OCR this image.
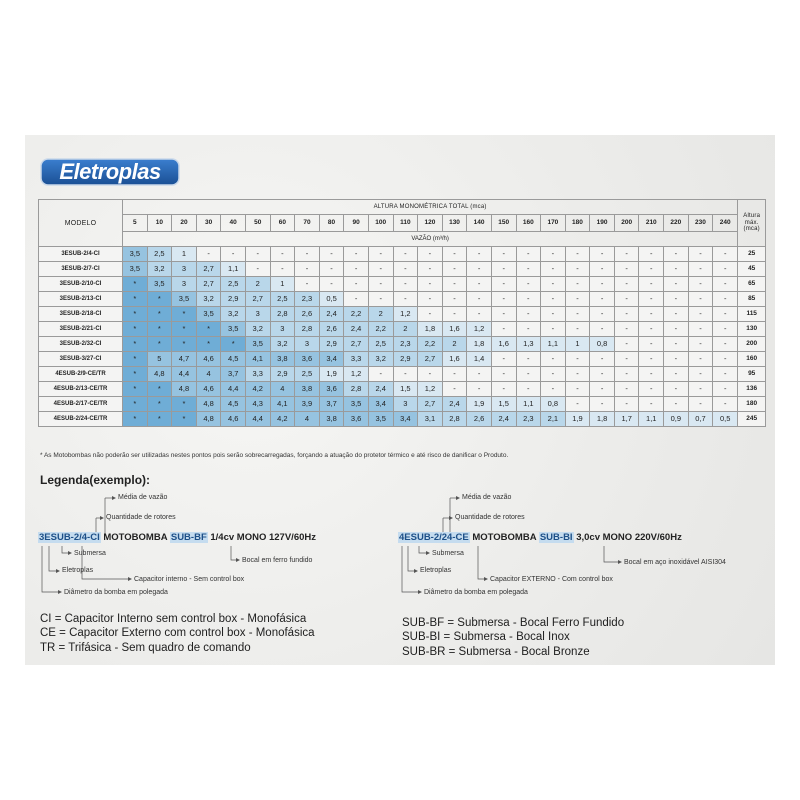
Eletroplas
MODELO	ALTURA MONOMÉTRICA TOTAL (mca)																									Altura máx. (mca)
	5	10	20	30	40	50	60	70	80	90	100	110	120	130	140	150	160	170	180	190	200	210	220	230	240	
	VAZÃO (m³/h)																									
3ESUB-2/4-CI	3,5	2,5	1	-	-	-	-	-	-	-	-	-	-	-	-	-	-	-	-	-	-	-	-	-	-	25
3ESUB-2/7-CI	3,5	3,2	3	2,7	1,1	-	-	-	-	-	-	-	-	-	-	-	-	-	-	-	-	-	-	-	-	45
3ESUB-2/10-CI	*	3,5	3	2,7	2,5	2	1	-	-	-	-	-	-	-	-	-	-	-	-	-	-	-	-	-	-	65
3ESUB-2/13-CI	*	*	3,5	3,2	2,9	2,7	2,5	2,3	0,5	-	-	-	-	-	-	-	-	-	-	-	-	-	-	-	-	85
3ESUB-2/18-CI	*	*	*	3,5	3,2	3	2,8	2,6	2,4	2,2	2	1,2	-	-	-	-	-	-	-	-	-	-	-	-	-	115
3ESUB-2/21-CI	*	*	*	*	3,5	3,2	3	2,8	2,6	2,4	2,2	2	1,8	1,6	1,2	-	-	-	-	-	-	-	-	-	-	130
3ESUB-2/32-CI	*	*	*	*	*	3,5	3,2	3	2,9	2,7	2,5	2,3	2,2	2	1,8	1,6	1,3	1,1	1	0,8	-	-	-	-	-	200
3ESUB-3/27-CI	*	5	4,7	4,6	4,5	4,1	3,8	3,6	3,4	3,3	3,2	2,9	2,7	1,6	1,4	-	-	-	-	-	-	-	-	-	-	160
4ESUB-2/9-CE/TR	*	4,8	4,4	4	3,7	3,3	2,9	2,5	1,9	1,2	-	-	-	-	-	-	-	-	-	-	-	-	-	-	-	95
4ESUB-2/13-CE/TR	*	*	4,8	4,6	4,4	4,2	4	3,8	3,6	2,8	2,4	1,5	1,2	-	-	-	-	-	-	-	-	-	-	-	-	136
4ESUB-2/17-CE/TR	*	*	*	4,8	4,5	4,3	4,1	3,9	3,7	3,5	3,4	3	2,7	2,4	1,9	1,5	1,1	0,8	-	-	-	-	-	-	-	180
4ESUB-2/24-CE/TR	*	*	*	4,8	4,6	4,4	4,2	4	3,8	3,6	3,5	3,4	3,1	2,8	2,6	2,4	2,3	2,1	1,9	1,8	1,7	1,1	0,9	0,7	0,5	245
* As Motobombas não poderão ser utilizadas nestes pontos pois serão sobrecarregadas, forçando a atuação do protetor térmico e até risco de danificar o Produto.
Legenda(exemplo):
Média de vazão
Quantidade de rotores
3ESUB-2/4-CI MOTOBOMBA SUB-BF 1/4cv MONO 127V/60Hz
Submersa
Bocal em ferro fundido
Eletroplas
Capacitor interno - Sem control box
Diâmetro da bomba em polegada
Média de vazão
Quantidade de rotores
4ESUB-2/24-CE MOTOBOMBA SUB-BI 3,0cv MONO 220V/60Hz
Submersa
Bocal em aço inoxidável AISI304
Eletroplas
Capacitor EXTERNO - Com control box
Diâmetro da bomba em polegada
CI = Capacitor Interno sem control box - Monofásica
CE = Capacitor Externo com control box - Monofásica
TR = Trifásica - Sem quadro de comando
SUB-BF = Submersa - Bocal Ferro Fundido
SUB-BI = Submersa - Bocal Inox
SUB-BR = Submersa - Bocal Bronze
